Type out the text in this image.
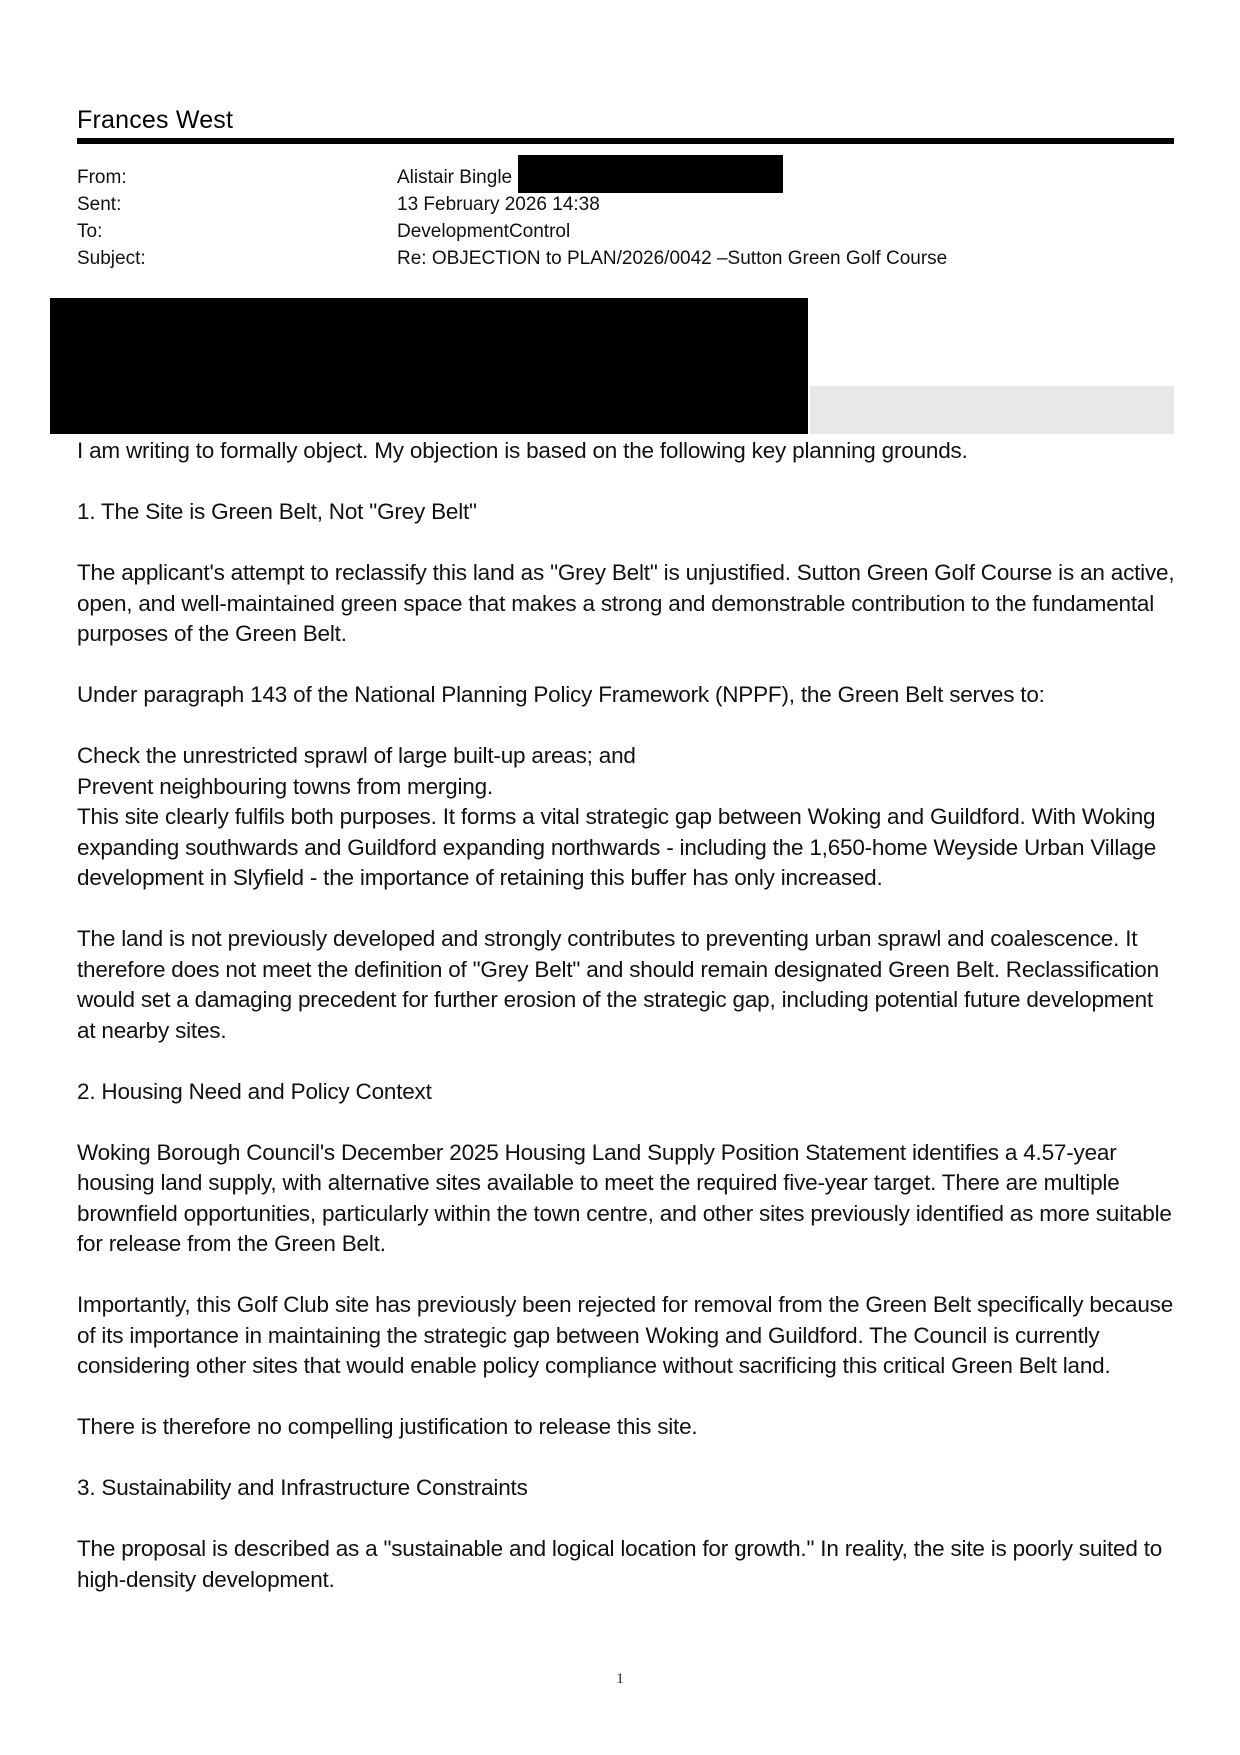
Frances West
From:	Alistair Bingle
Sent:	13 February 2026 14:38
To:	DevelopmentControl
Subject:	Re: OBJECTION to PLAN/2026/0042 –Sutton Green Golf Course

I am writing to formally object. My objection is based on the following key planning grounds.

1. The Site is Green Belt, Not "Grey Belt"

The applicant's attempt to reclassify this land as "Grey Belt" is unjustified. Sutton Green Golf Course is an active, open, and well-maintained green space that makes a strong and demonstrable contribution to the fundamental purposes of the Green Belt.

Under paragraph 143 of the National Planning Policy Framework (NPPF), the Green Belt serves to:

Check the unrestricted sprawl of large built-up areas; and

Prevent neighbouring towns from merging.

This site clearly fulfils both purposes. It forms a vital strategic gap between Woking and Guildford. With Woking expanding southwards and Guildford expanding northwards - including the 1,650-home Weyside Urban Village development in Slyfield - the importance of retaining this buffer has only increased.

The land is not previously developed and strongly contributes to preventing urban sprawl and coalescence. It therefore does not meet the definition of "Grey Belt" and should remain designated Green Belt. Reclassification would set a damaging precedent for further erosion of the strategic gap, including potential future development at nearby sites.

2. Housing Need and Policy Context

Woking Borough Council's December 2025 Housing Land Supply Position Statement identifies a 4.57-year housing land supply, with alternative sites available to meet the required five-year target. There are multiple brownfield opportunities, particularly within the town centre, and other sites previously identified as more suitable for release from the Green Belt.

Importantly, this Golf Club site has previously been rejected for removal from the Green Belt specifically because of its importance in maintaining the strategic gap between Woking and Guildford. The Council is currently considering other sites that would enable policy compliance without sacrificing this critical Green Belt land.

There is therefore no compelling justification to release this site.

3. Sustainability and Infrastructure Constraints

The proposal is described as a "sustainable and logical location for growth." In reality, the site is poorly suited to high-density development.

1
